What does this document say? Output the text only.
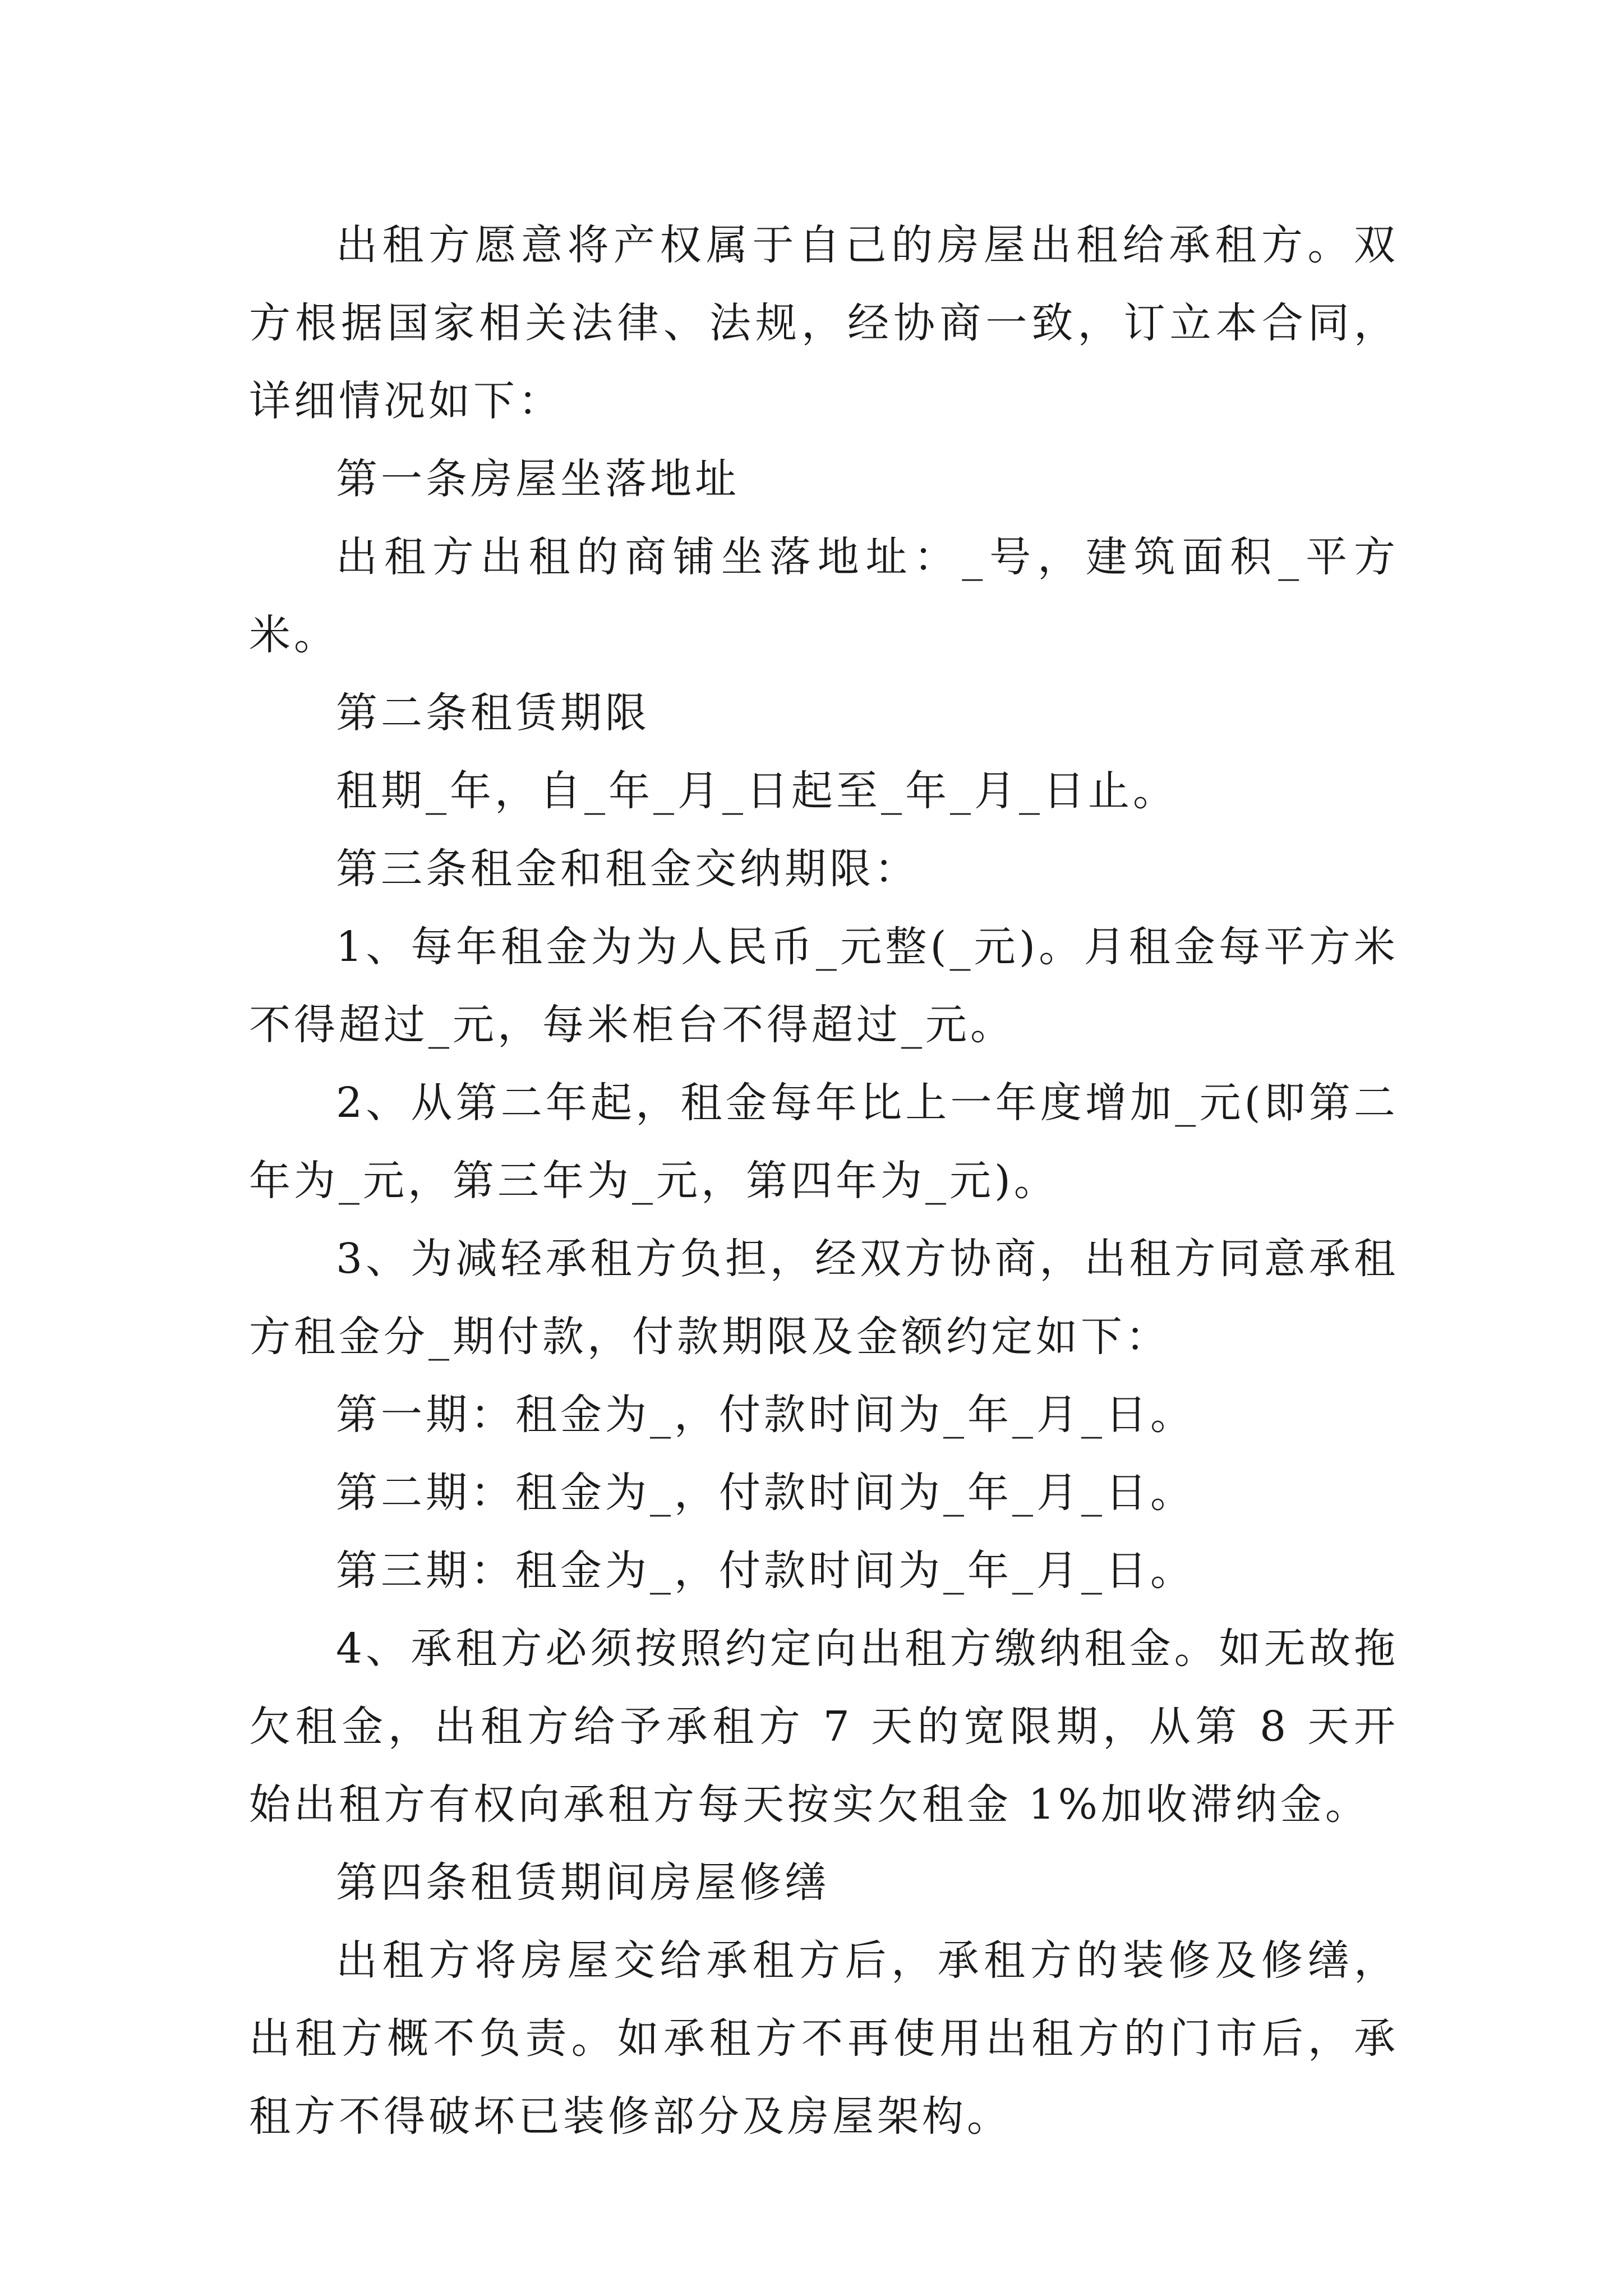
出租方愿意将产权属于自己的房屋出租给承租方。双方根据国家相关法律、法规，经协商一致，订立本合同，详细情况如下：

第一条房屋坐落地址

出租方出租的商铺坐落地址：_号，建筑面积_平方米。

第二条租赁期限

租期_年，自_年_月_日起至_年_月_日止。

第三条租金和租金交纳期限：

1、每年租金为为人民币_元整(_元)。月租金每平方米不得超过_元，每米柜台不得超过_元。

2、从第二年起，租金每年比上一年度增加_元(即第二年为_元，第三年为_元，第四年为_元)。

3、为减轻承租方负担，经双方协商，出租方同意承租方租金分_期付款，付款期限及金额约定如下：

第一期：租金为_，付款时间为_年_月_日。

第二期：租金为_，付款时间为_年_月_日。

第三期：租金为_，付款时间为_年_月_日。

4、承租方必须按照约定向出租方缴纳租金。如无故拖欠租金，出租方给予承租方 7 天的宽限期，从第 8 天开始出租方有权向承租方每天按实欠租金 1%加收滞纳金。

第四条租赁期间房屋修缮

出租方将房屋交给承租方后，承租方的装修及修缮，出租方概不负责。如承租方不再使用出租方的门市后，承租方不得破坏已装修部分及房屋架构。
